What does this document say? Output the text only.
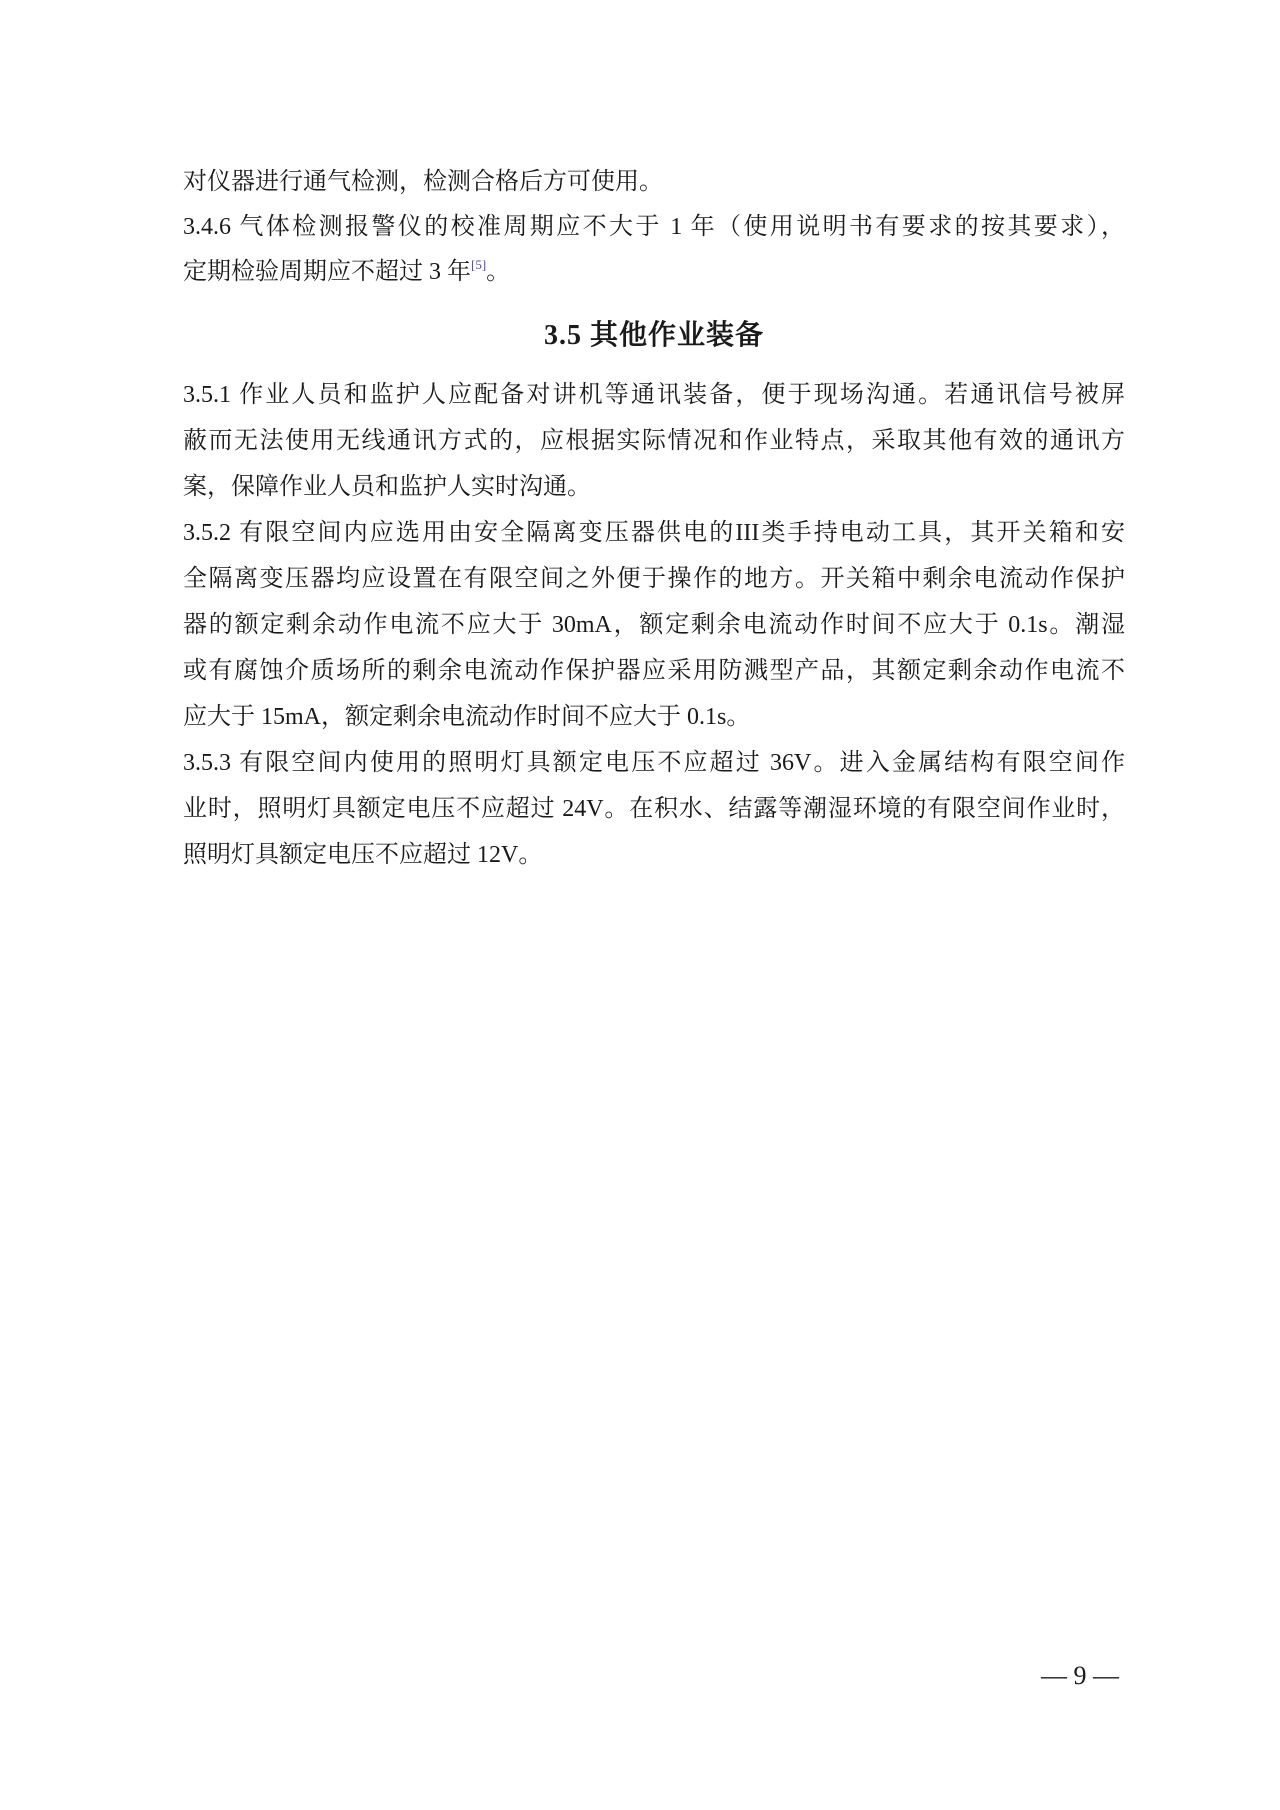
对仪器进行通气检测，检测合格后方可使用。
3.4.6 气体检测报警仪的校准周期应不大于 1 年（使用说明书有要求的按其要求），
定期检验周期应不超过 3 年[5]。
3.5 其他作业装备
3.5.1 作业人员和监护人应配备对讲机等通讯装备，便于现场沟通。若通讯信号被屏
蔽而无法使用无线通讯方式的，应根据实际情况和作业特点，采取其他有效的通讯方
案，保障作业人员和监护人实时沟通。
3.5.2 有限空间内应选用由安全隔离变压器供电的III类手持电动工具，其开关箱和安
全隔离变压器均应设置在有限空间之外便于操作的地方。开关箱中剩余电流动作保护
器的额定剩余动作电流不应大于 30mA，额定剩余电流动作时间不应大于 0.1s。潮湿
或有腐蚀介质场所的剩余电流动作保护器应采用防溅型产品，其额定剩余动作电流不
应大于 15mA，额定剩余电流动作时间不应大于 0.1s。
3.5.3 有限空间内使用的照明灯具额定电压不应超过 36V。进入金属结构有限空间作
业时，照明灯具额定电压不应超过 24V。在积水、结露等潮湿环境的有限空间作业时，
照明灯具额定电压不应超过 12V。
— 9 —
